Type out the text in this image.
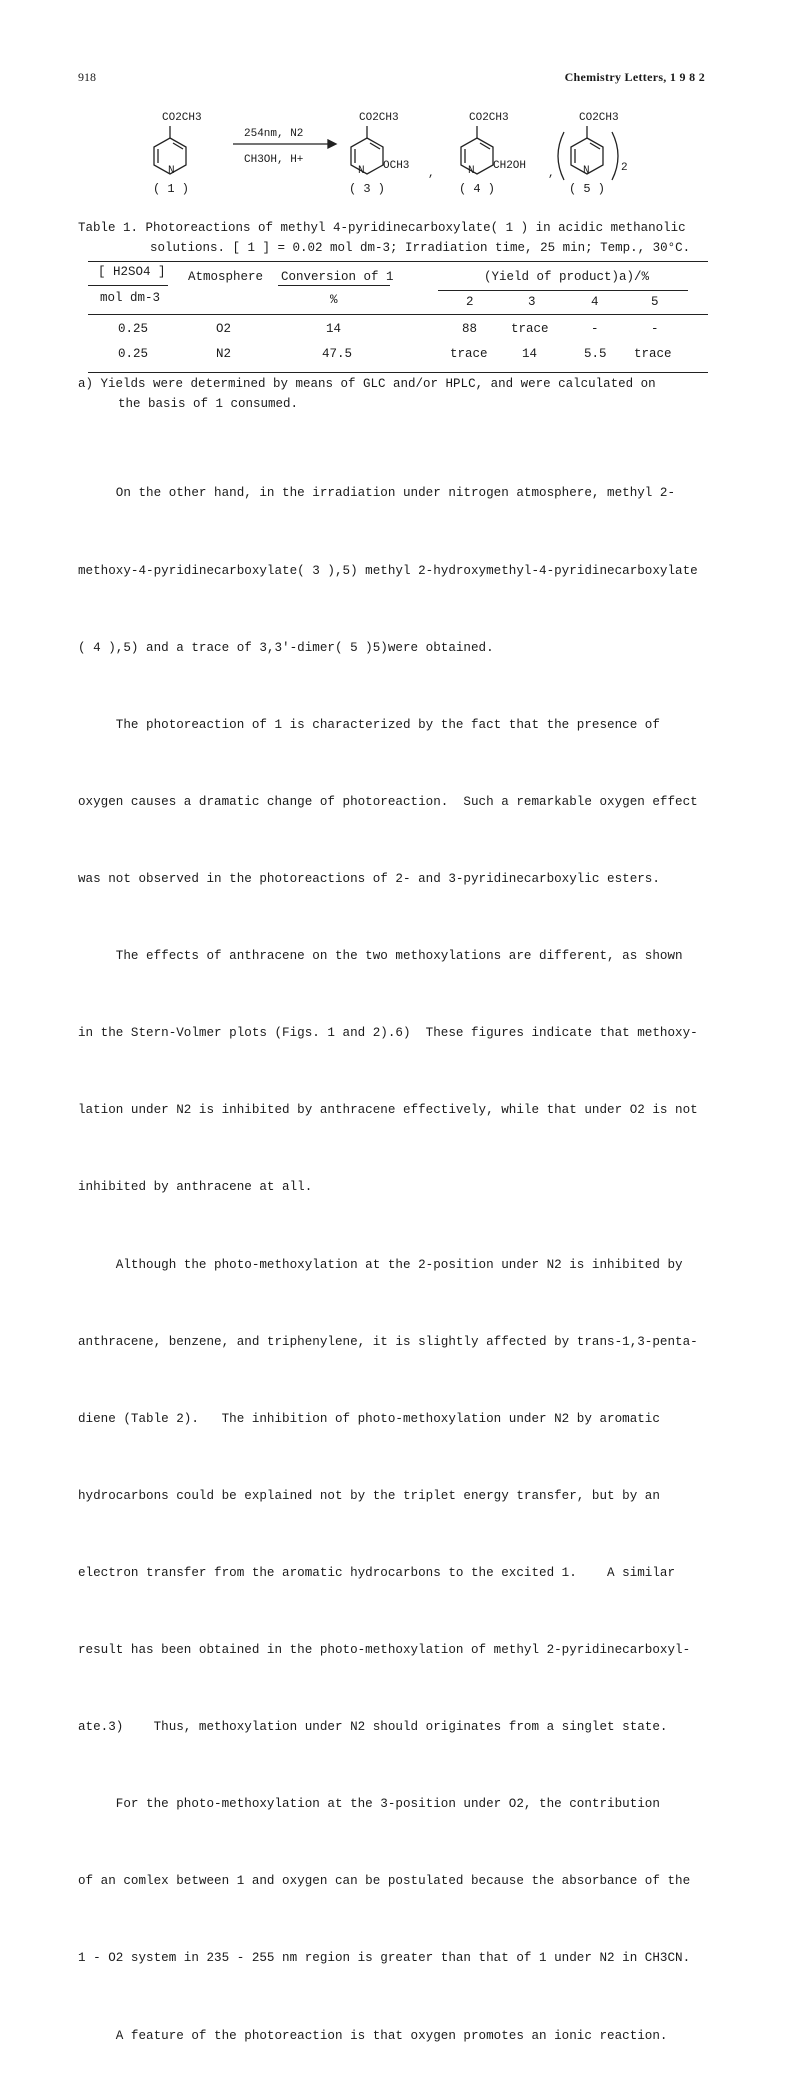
918	Chemistry Letters, 1 9 8 2
CO2CH3
N
254nm, N2
CH3OH, H+
CO2CH3
N OCH3
,
CO2CH3
N CH2OH
,
CO2CH3
N	2
( 1 )	( 3 )	( 4 )	( 5 )
Table 1. Photoreactions of methyl 4-pyridinecarboxylate( 1 ) in acidic methanolic
solutions. [ 1 ] = 0.02 mol dm-3; Irradiation time, 25 min; Temp., 30°C.
[ H2SO4 ]
mol dm-3
Atmosphere Conversion of 1
%
(Yield of product)a)/%
2	3	4	5
0.25	O2	14	88	trace	-	-
0.25	N2	47.5	trace	14	5.5 trace
a) Yields were determined by means of GLC and/or HPLC, and were calculated on
the basis of 1 consumed.

On the other hand, in the irradiation under nitrogen atmosphere, methyl 2-

methoxy-4-pyridinecarboxylate( 3 ),5) methyl 2-hydroxymethyl-4-pyridinecarboxylate

( 4 ),5) and a trace of 3,3'-dimer( 5 )5)were obtained.

The photoreaction of 1 is characterized by the fact that the presence of

oxygen causes a dramatic change of photoreaction.  Such a remarkable oxygen effect

was not observed in the photoreactions of 2- and 3-pyridinecarboxylic esters.

The effects of anthracene on the two methoxylations are different, as shown

in the Stern-Volmer plots (Figs. 1 and 2).6)  These figures indicate that methoxy-

lation under N2 is inhibited by anthracene effectively, while that under O2 is not

inhibited by anthracene at all.

Although the photo-methoxylation at the 2-position under N2 is inhibited by

anthracene, benzene, and triphenylene, it is slightly affected by trans-1,3-penta-

diene (Table 2).   The inhibition of photo-methoxylation under N2 by aromatic

hydrocarbons could be explained not by the triplet energy transfer, but by an

electron transfer from the aromatic hydrocarbons to the excited 1.    A similar

result has been obtained in the photo-methoxylation of methyl 2-pyridinecarboxyl-

ate.3)    Thus, methoxylation under N2 should originates from a singlet state.

For the photo-methoxylation at the 3-position under O2, the contribution

of an comlex between 1 and oxygen can be postulated because the absorbance of the

1 - O2 system in 235 - 255 nm region is greater than that of 1 under N2 in CH3CN.

A feature of the photoreaction is that oxygen promotes an ionic reaction.
